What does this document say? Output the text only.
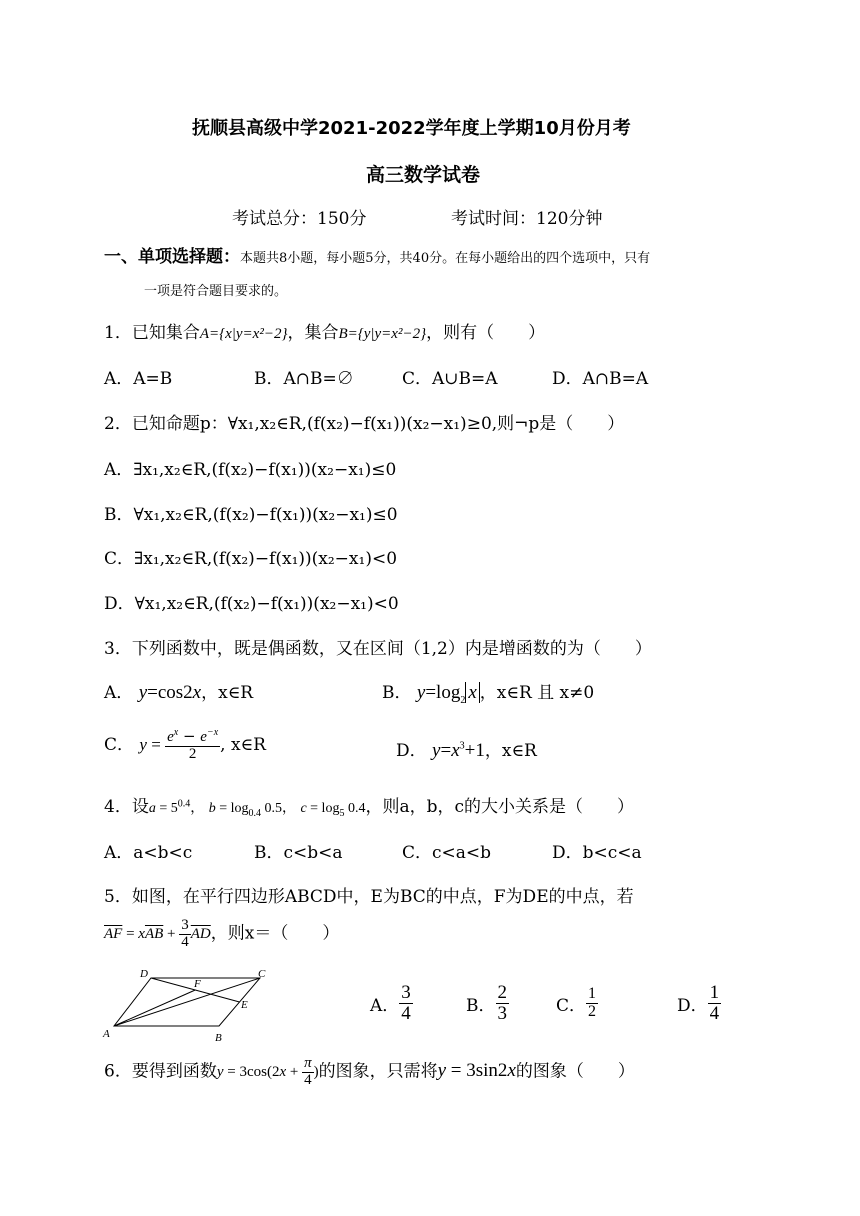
抚顺县高级中学2021-2022学年度上学期10月份月考
高三数学试卷
考试总分：150分	考试时间：120分钟
一、单项选择题：本题共8小题，每小题5分，共40分。在每小题给出的四个选项中，只有
一项是符合题目要求的。
1．已知集合A={x|y=x²−2}，集合B={y|y=x²−2}，则有（　　）
A．A=B	B．A∩B=∅	C．A∪B=A	D．A∩B=A
2．已知命题p：∀x₁,x₂∈R,(f(x₂)−f(x₁))(x₂−x₁)≥0,则¬p是（　　）
A．∃x₁,x₂∈R,(f(x₂)−f(x₁))(x₂−x₁)≤0
B．∀x₁,x₂∈R,(f(x₂)−f(x₁))(x₂−x₁)≤0
C．∃x₁,x₂∈R,(f(x₂)−f(x₁))(x₂−x₁)<0
D．∀x₁,x₂∈R,(f(x₂)−f(x₁))(x₂−x₁)<0
3．下列函数中，既是偶函数，又在区间（1,2）内是增函数的为（　　）
A． y=cos2x，x∈R	B． $y=\log_2$ x ，x∈R 且 x≠0
C． $y = \frac{e^x - e^{-x}}{2}$ , x∈R	D． $y=x^3+1$，x∈R
4．设$a = 5^{0.4}$， $b = \log_{0.4} 0.5$， $c = \log_5 0.4$，则a，b，c的大小关系是（　　）
A．a<b<c	B．c<b<a	C．c<a<b	D．b<c<a
5．如图，在平行四边形ABCD中，E为BC的中点，F为DE的中点，若
$\overline{AF} = x\overline{AB} + \frac{3}{4} \overline{AD}$，则x＝（　　）
D	C
F
E
A	B
A． $\frac{3}{4}$	B． $\frac{2}{3}$	C． $\frac{1}{2}$	D． $\frac{1}{4}$
6．要得到函数$y = 3\cos(2x + \frac{\pi}{4}$ )的图象，只需将y = 3sin2x的图象（　　）
